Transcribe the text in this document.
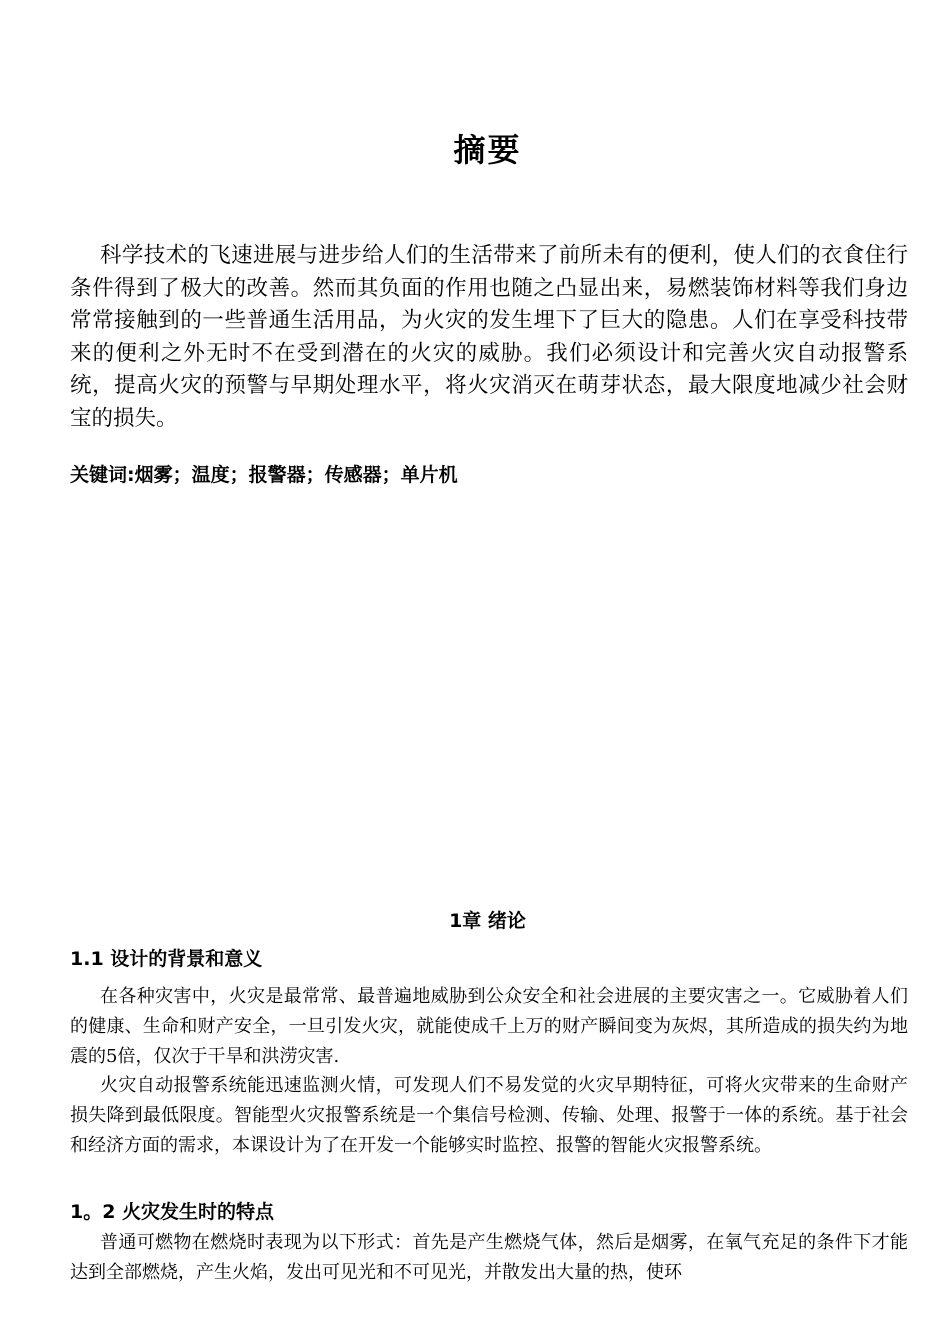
摘要

科学技术的飞速进展与进步给人们的生活带来了前所未有的便利，使人们的衣食住行条件得到了极大的改善。然而其负面的作用也随之凸显出来，易燃装饰材料等我们身边常常接触到的一些普通生活用品，为火灾的发生埋下了巨大的隐患。人们在享受科技带来的便利之外无时不在受到潜在的火灾的威胁。我们必须设计和完善火灾自动报警系统，提高火灾的预警与早期处理水平，将火灾消灭在萌芽状态，最大限度地减少社会财宝的损失。

关键词:烟雾；温度；报警器；传感器；单片机
1章 绪论
1.1 设计的背景和意义

在各种灾害中，火灾是最常常、最普遍地威胁到公众安全和社会进展的主要灾害之一。它威胁着人们的健康、生命和财产安全，一旦引发火灾，就能使成千上万的财产瞬间变为灰烬，其所造成的损失约为地震的5倍，仅次于干旱和洪涝灾害.

火灾自动报警系统能迅速监测火情，可发现人们不易发觉的火灾早期特征，可将火灾带来的生命财产损失降到最低限度。智能型火灾报警系统是一个集信号检测、传输、处理、报警于一体的系统。基于社会和经济方面的需求，本课设计为了在开发一个能够实时监控、报警的智能火灾报警系统。

1。2 火灾发生时的特点

普通可燃物在燃烧时表现为以下形式：首先是产生燃烧气体，然后是烟雾，在氧气充足的条件下才能达到全部燃烧，产生火焰，发出可见光和不可见光，并散发出大量的热，使环
